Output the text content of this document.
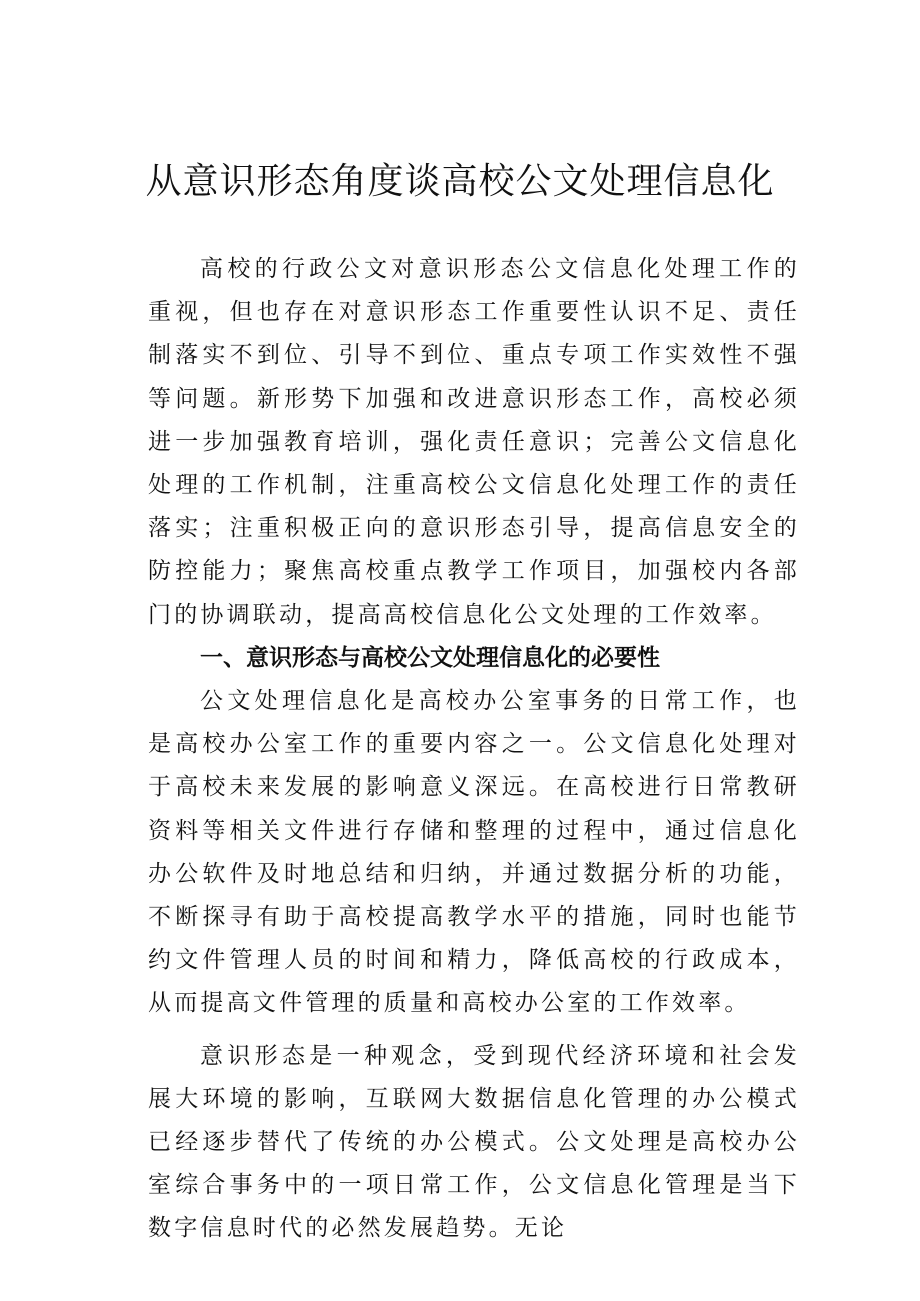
从意识形态角度谈高校公文处理信息化

高校的行政公文对意识形态公文信息化处理工作的重视，但也存在对意识形态工作重要性认识不足、责任制落实不到位、引导不到位、重点专项工作实效性不强等问题。新形势下加强和改进意识形态工作，高校必须进一步加强教育培训，强化责任意识；完善公文信息化处理的工作机制，注重高校公文信息化处理工作的责任落实；注重积极正向的意识形态引导，提高信息安全的防控能力；聚焦高校重点教学工作项目，加强校内各部门的协调联动，提高高校信息化公文处理的工作效率。

一、意识形态与高校公文处理信息化的必要性

公文处理信息化是高校办公室事务的日常工作，也是高校办公室工作的重要内容之一。公文信息化处理对于高校未来发展的影响意义深远。在高校进行日常教研资料等相关文件进行存储和整理的过程中，通过信息化办公软件及时地总结和归纳，并通过数据分析的功能，不断探寻有助于高校提高教学水平的措施，同时也能节约文件管理人员的时间和精力，降低高校的行政成本，从而提高文件管理的质量和高校办公室的工作效率。

意识形态是一种观念，受到现代经济环境和社会发展大环境的影响，互联网大数据信息化管理的办公模式已经逐步替代了传统的办公模式。公文处理是高校办公室综合事务中的一项日常工作，公文信息化管理是当下数字信息时代的必然发展趋势。无论
